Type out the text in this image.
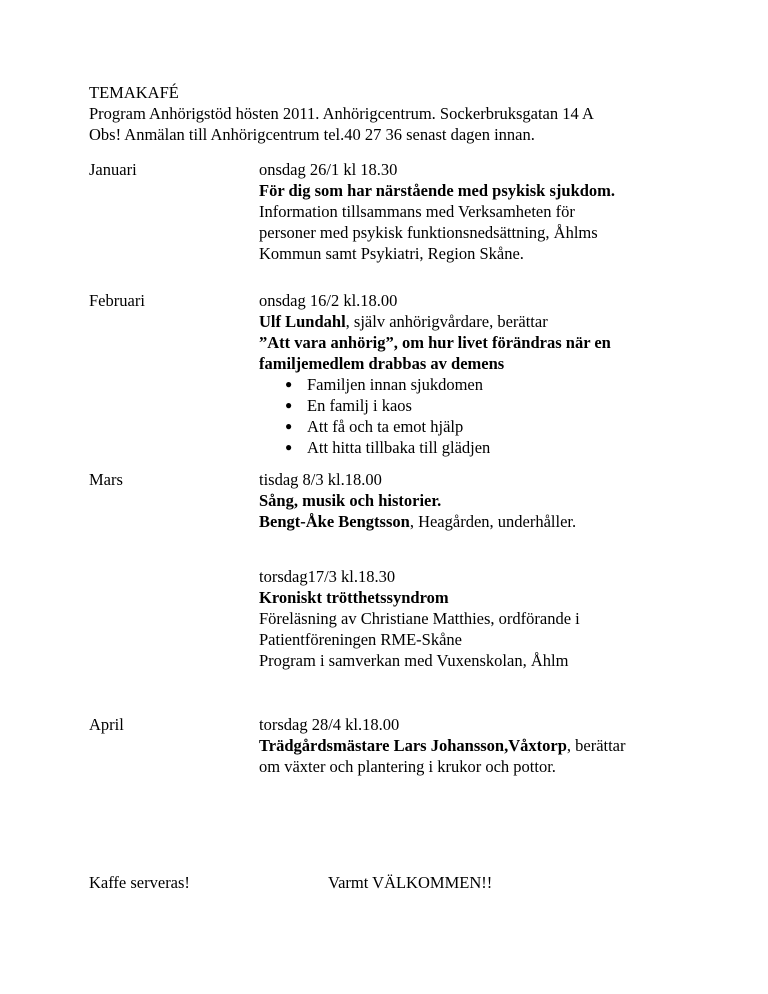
TEMAKAFÉ
Program Anhörigstöd hösten 2011. Anhörigcentrum. Sockerbruksgatan 14 A
Obs! Anmälan till Anhörigcentrum tel.40 27 36 senast dagen innan.
Januari	onsdag 26/1 kl 18.30
För dig som har närstående med psykisk sjukdom.
Information tillsammans med Verksamheten för
personer med psykisk funktionsnedsättning, Åhlms
Kommun samt Psykiatri, Region Skåne.
Februari	onsdag 16/2 kl.18.00
Ulf Lundahl, själv anhörigvårdare, berättar
”Att vara anhörig”, om hur livet förändras när en
familjemedlem drabbas av demens
● Familjen innan sjukdomen
● En familj i kaos
● Att få och ta emot hjälp
● Att hitta tillbaka till glädjen
Mars	tisdag 8/3 kl.18.00
Sång, musik och historier.
Bengt-Åke Bengtsson, Heagården, underhåller.
torsdag17/3 kl.18.30
Kroniskt trötthetssyndrom
Föreläsning av Christiane Matthies, ordförande i
Patientföreningen RME-Skåne
Program i samverkan med Vuxenskolan, Åhlm
April	torsdag 28/4 kl.18.00
Trädgårdsmästare Lars Johansson,Våxtorp, berättar
om växter och plantering i krukor och pottor.
Kaffe serveras!	Varmt VÄLKOMMEN!!
